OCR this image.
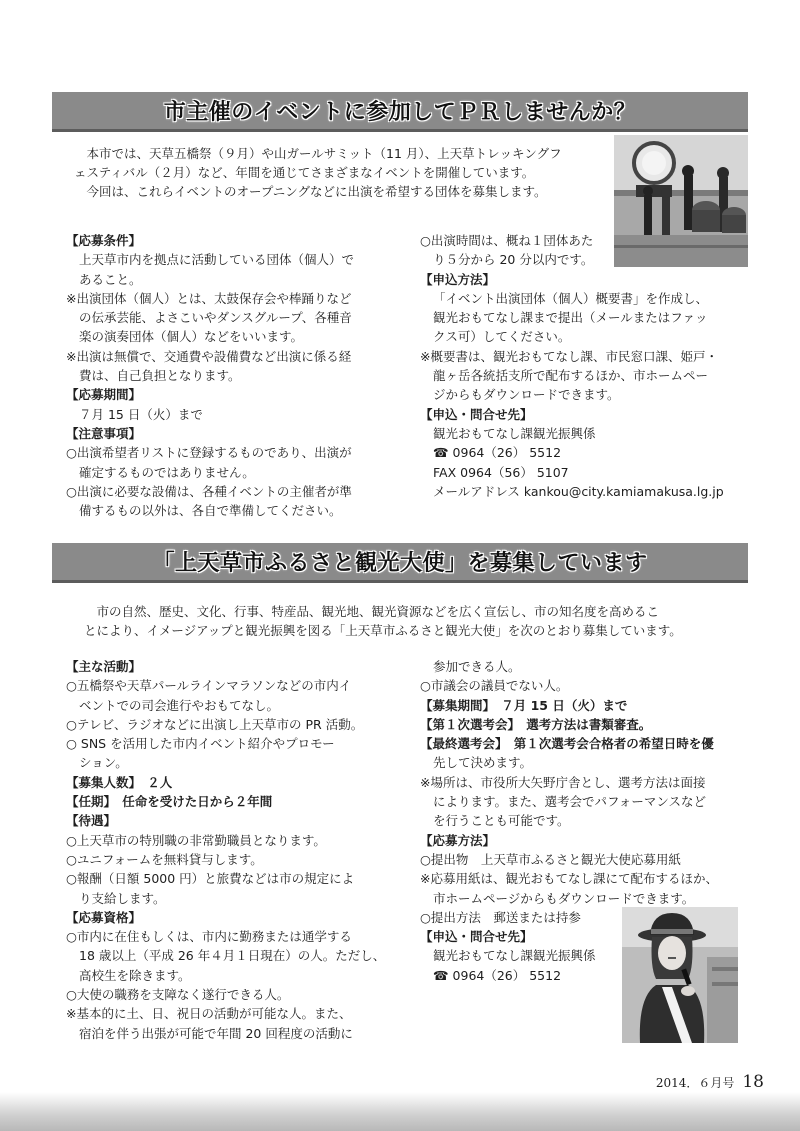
市主催のイベントに参加してＰＲしませんか？

本市では、天草五橋祭（９月）や山ガールサミット（11 月）、上天草トレッキングフ

ェスティバル（２月）など、年間を通じてさまざまなイベントを開催しています。

今回は、これらイベントのオープニングなどに出演を希望する団体を募集します。

【応募条件】

上天草市内を拠点に活動している団体（個人）で

あること。

※出演団体（個人）とは、太鼓保存会や棒踊りなど

の伝承芸能、よさこいやダンスグループ、各種音

楽の演奏団体（個人）などをいいます。

※出演は無償で、交通費や設備費など出演に係る経

費は、自己負担となります。

【応募期間】

７月 15 日（火）まで

【注意事項】

○出演希望者リストに登録するものであり、出演が

確定するものではありません。

○出演に必要な設備は、各種イベントの主催者が準

備するもの以外は、各自で準備してください。

○出演時間は、概ね１団体あた

り５分から 20 分以内です。

【申込方法】

「イベント出演団体（個人）概要書」を作成し、

観光おもてなし課まで提出（メールまたはファッ

クス可）してください。

※概要書は、観光おもてなし課、市民窓口課、姫戸・

龍ヶ岳各統括支所で配布するほか、市ホームペー

ジからもダウンロードできます。

【申込・問合せ先】

観光おもてなし課観光振興係

☎ 0964（26） 5512

FAX 0964（56） 5107

メールアドレス kankou@city.kamiamakusa.lg.jp

「上天草市ふるさと観光大使」を募集しています

市の自然、歴史、文化、行事、特産品、観光地、観光資源などを広く宣伝し、市の知名度を高めるこ

とにより、イメージアップと観光振興を図る「上天草市ふるさと観光大使」を次のとおり募集しています。

【主な活動】

○五橋祭や天草パールラインマラソンなどの市内イ

ベントでの司会進行やおもてなし。

○テレビ、ラジオなどに出演し上天草市の PR 活動。

○ SNS を活用した市内イベント紹介やプロモー

ション。

【募集人数】　２人

【任期】　任命を受けた日から２年間

【待遇】

○上天草市の特別職の非常勤職員となります。

○ユニフォームを無料貸与します。

○報酬（日額 5000 円）と旅費などは市の規定によ

り支給します。

【応募資格】

○市内に在住もしくは、市内に勤務または通学する

18 歳以上（平成 26 年４月１日現在）の人。ただし、

高校生を除きます。

○大使の職務を支障なく遂行できる人。

※基本的に土、日、祝日の活動が可能な人。また、

宿泊を伴う出張が可能で年間 20 回程度の活動に

参加できる人。

○市議会の議員でない人。

【募集期間】　７月 15 日（火）まで

【第１次選考会】　選考方法は書類審査。

【最終選考会】　第１次選考会合格者の希望日時を優

先して決めます。

※場所は、市役所大矢野庁舎とし、選考方法は面接

によります。また、選考会でパフォーマンスなど

を行うことも可能です。

【応募方法】

○提出物　上天草市ふるさと観光大使応募用紙

※応募用紙は、観光おもてなし課にて配布するほか、

市ホームページからもダウンロードできます。

○提出方法　郵送または持参

【申込・問合せ先】

観光おもてなし課観光振興係

☎ 0964（26） 5512

2014．６月号 18
